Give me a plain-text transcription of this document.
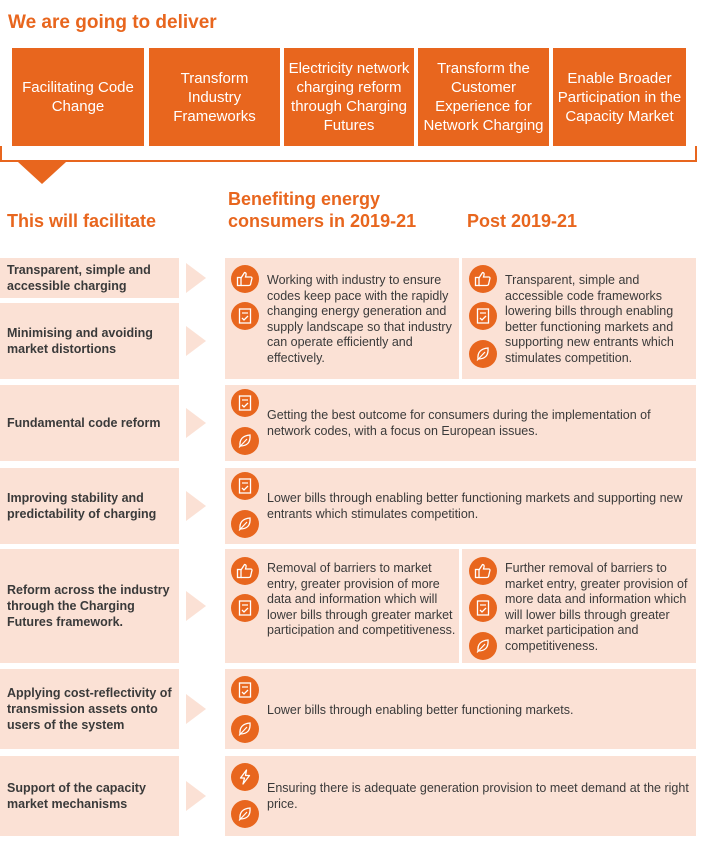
We are going to deliver
Facilitating Code Change
Transform Industry Frameworks
Electricity network charging reform through Charging Futures
Transform the Customer Experience for Network Charging
Enable Broader Participation in the Capacity Market
This will facilitate
Benefiting energy consumers in 2019-21	Post 2019-21
Transparent, simple and accessible charging
Minimising and avoiding market distortions
Fundamental code reform
Improving stability and predictability of charging
Reform across the industry through the Charging Futures framework.
Applying cost-reflectivity of transmission assets onto users of the system
Support of the capacity market mechanisms
Working with industry to ensure codes keep pace with the rapidly changing energy generation and supply landscape so that industry can operate efficiently and effectively.
Transparent, simple and accessible code frameworks lowering bills through enabling better functioning markets and supporting new entrants which stimulates competition.
Getting the best outcome for consumers during the implementation of network codes, with a focus on European issues.
Lower bills through enabling better functioning markets and supporting new entrants which stimulates competition.
Removal of barriers to market entry, greater provision of more data and information which will lower bills through greater market participation and competitiveness.
Further removal of barriers to market entry, greater provision of more data and information which will lower bills through greater market participation and competitiveness.
Lower bills through enabling better functioning markets.
Ensuring there is adequate generation provision to meet demand at the right price.
